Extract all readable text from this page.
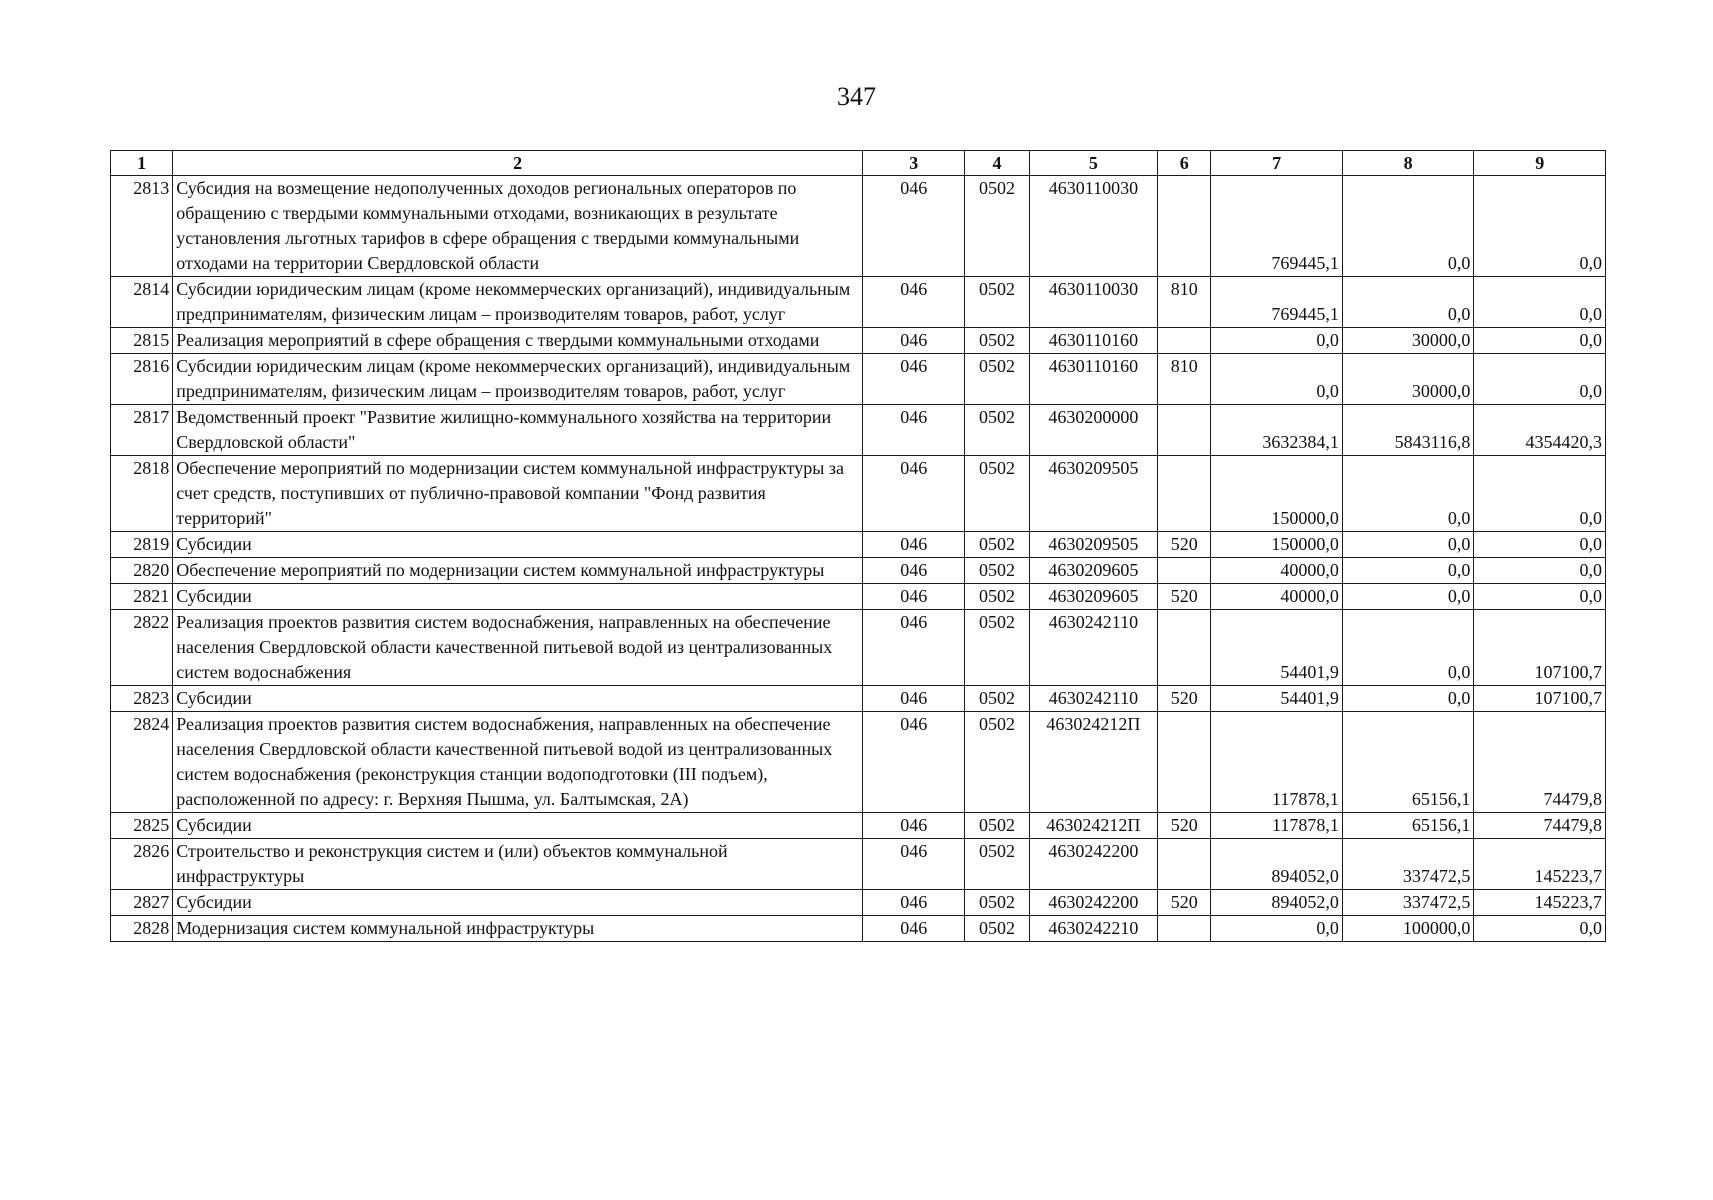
347
1	2	3	4	5	6	7	8	9
2813	Субсидия на возмещение недополученных доходов региональных операторов по обращению с твердыми коммунальными отходами, возникающих в результате установления льготных тарифов в сфере обращения с твердыми коммунальными отходами на территории Свердловской области	046	0502	4630110030		769445,1	0,0	0,0
2814	Субсидии юридическим лицам (кроме некоммерческих организаций), индивидуальным предпринимателям, физическим лицам – производителям товаров, работ, услуг	046	0502	4630110030	810	769445,1	0,0	0,0
2815	Реализация мероприятий в сфере обращения с твердыми коммунальными отходами	046	0502	4630110160		0,0	30000,0	0,0
2816	Субсидии юридическим лицам (кроме некоммерческих организаций), индивидуальным предпринимателям, физическим лицам – производителям товаров, работ, услуг	046	0502	4630110160	810	0,0	30000,0	0,0
2817	Ведомственный проект "Развитие жилищно-коммунального хозяйства на территории Свердловской области"	046	0502	4630200000		3632384,1	5843116,8	4354420,3
2818	Обеспечение мероприятий по модернизации систем коммунальной инфраструктуры за счет средств, поступивших от публично-правовой компании "Фонд развития территорий"	046	0502	4630209505		150000,0	0,0	0,0
2819	Субсидии	046	0502	4630209505	520	150000,0	0,0	0,0
2820	Обеспечение мероприятий по модернизации систем коммунальной инфраструктуры	046	0502	4630209605		40000,0	0,0	0,0
2821	Субсидии	046	0502	4630209605	520	40000,0	0,0	0,0
2822	Реализация проектов развития систем водоснабжения, направленных на обеспечение населения Свердловской области качественной питьевой водой из централизованных систем водоснабжения	046	0502	4630242110		54401,9	0,0	107100,7
2823	Субсидии	046	0502	4630242110	520	54401,9	0,0	107100,7
2824	Реализация проектов развития систем водоснабжения, направленных на обеспечение населения Свердловской области качественной питьевой водой из централизованных систем водоснабжения (реконструкция станции водоподготовки (III подъем), расположенной по адресу: г. Верхняя Пышма, ул. Балтымская, 2А)	046	0502	463024212П		117878,1	65156,1	74479,8
2825	Субсидии	046	0502	463024212П	520	117878,1	65156,1	74479,8
2826	Строительство и реконструкция систем и (или) объектов коммунальной инфраструктуры	046	0502	4630242200		894052,0	337472,5	145223,7
2827	Субсидии	046	0502	4630242200	520	894052,0	337472,5	145223,7
2828	Модернизация систем коммунальной инфраструктуры	046	0502	4630242210		0,0	100000,0	0,0
